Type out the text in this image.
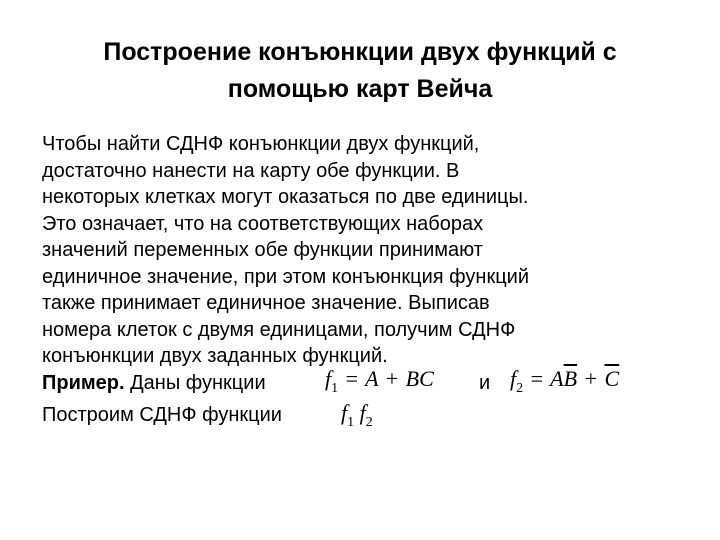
Построение конъюнкции двух функций с
помощью карт Вейча

Чтобы найти СДНФ конъюнкции двух функций,
достаточно нанести на карту обе функции. В
некоторых клетках могут оказаться по две единицы.
Это означает, что на соответствующих наборах
значений переменных обе функции принимают
единичное значение, при этом конъюнкция функций
также принимает единичное значение. Выписав
номера клеток с двумя единицами, получим СДНФ
конъюнкции двух заданных функций.

Пример. Даны функции	$f_1 = A$ + BC и $f_2 = A\overline{B} + \overline{C}$
Построим СДНФ функции	$f_1$ $f_2$
